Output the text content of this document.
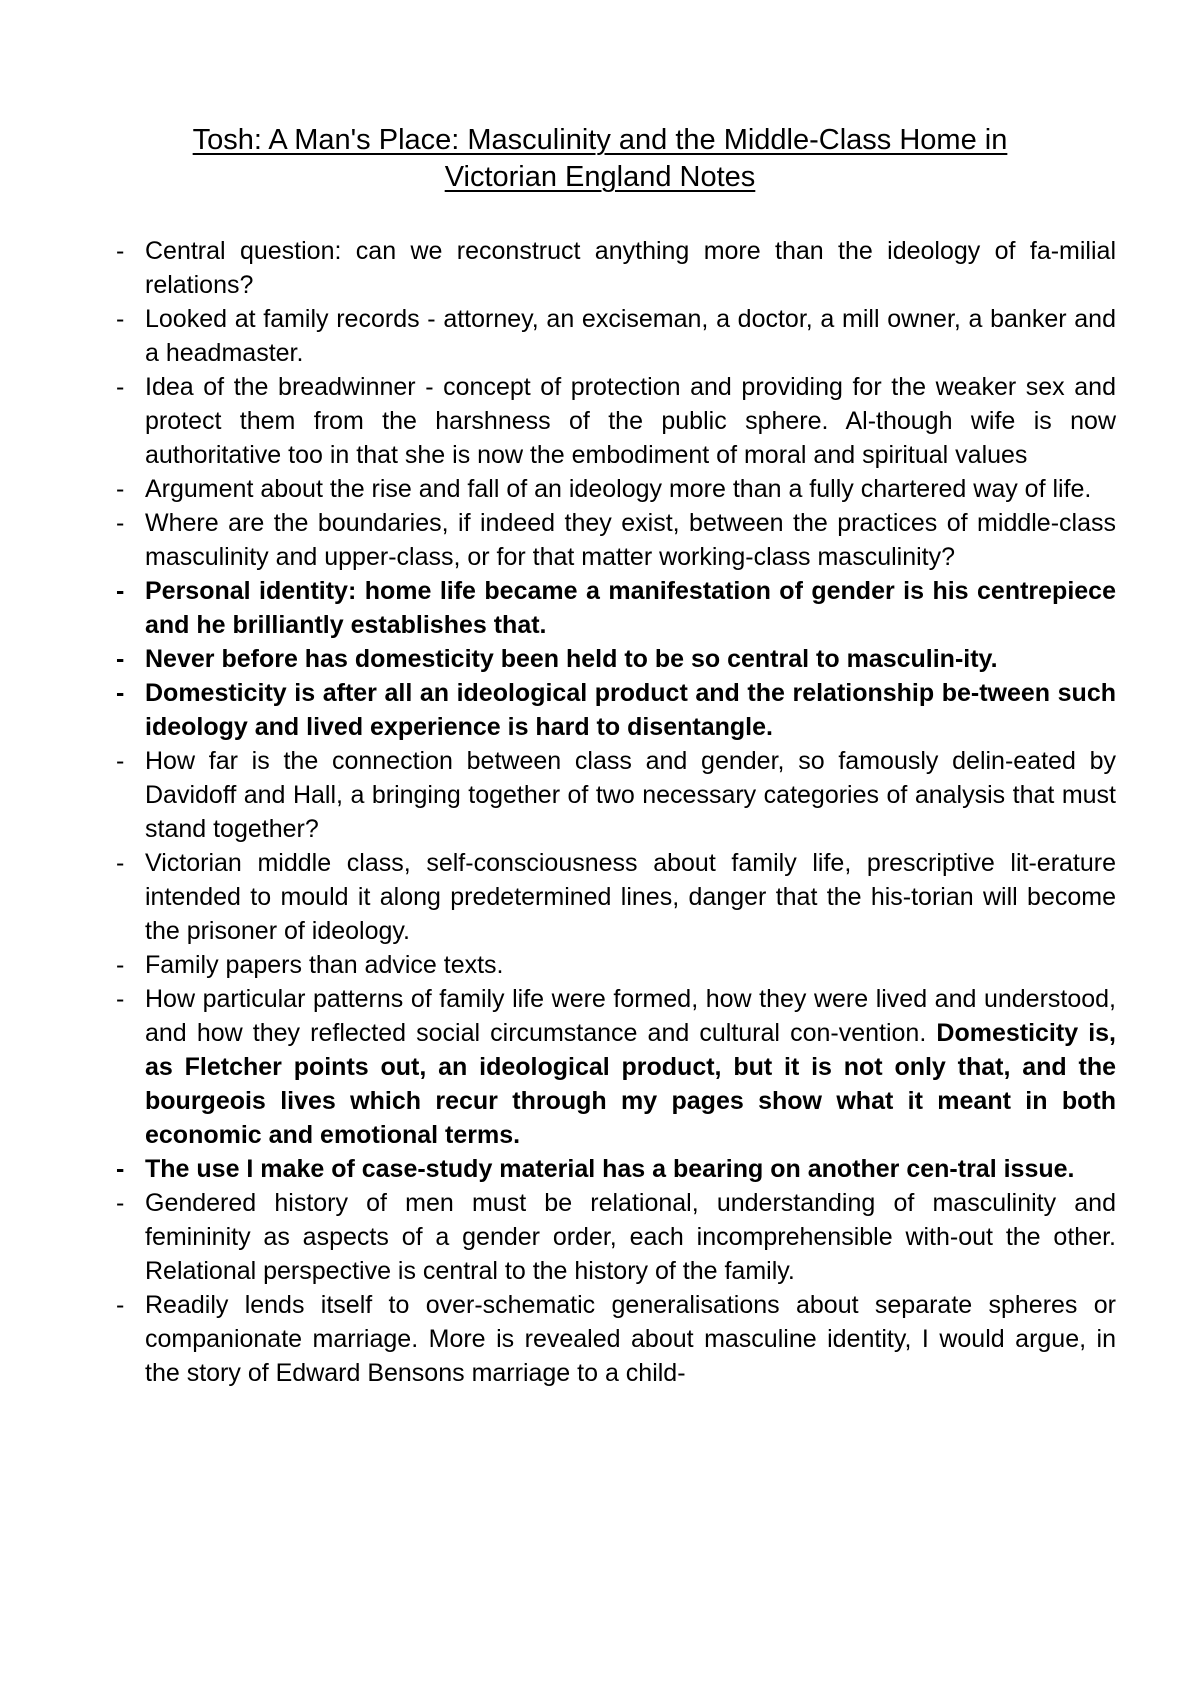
Tosh: A Man's Place: Masculinity and the Middle-Class Home in
Victorian England Notes
- Central question: can we reconstruct anything more than the ideology of fa-milial relations?
- Looked at family records - attorney, an exciseman, a doctor, a mill owner, a banker and a headmaster.
- Idea of the breadwinner - concept of protection and providing for the weaker sex and protect them from the harshness of the public sphere. Al-though wife is now authoritative too in that she is now the embodiment of moral and spiritual values
- Argument about the rise and fall of an ideology more than a fully chartered way of life.
- Where are the boundaries, if indeed they exist, between the practices of middle-class masculinity and upper-class, or for that matter working-class masculinity?
- Personal identity: home life became a manifestation of gender is his centrepiece and he brilliantly establishes that.
- Never before has domesticity been held to be so central to masculin-ity.
- Domesticity is after all an ideological product and the relationship be-tween such ideology and lived experience is hard to disentangle.
- How far is the connection between class and gender, so famously delin-eated by Davidoff and Hall, a bringing together of two necessary categories of analysis that must stand together?
- Victorian middle class, self-consciousness about family life, prescriptive lit-erature intended to mould it along predetermined lines, danger that the his-torian will become the prisoner of ideology.
- Family papers than advice texts.
- How particular patterns of family life were formed, how they were lived and understood, and how they reflected social circumstance and cultural con-vention. Domesticity is, as Fletcher points out, an ideological product, but it is not only that, and the bourgeois lives which recur through my pages show what it meant in both economic and emotional terms.
- The use I make of case-study material has a bearing on another cen-tral issue.
- Gendered history of men must be relational, understanding of masculinity and femininity as aspects of a gender order, each incomprehensible with-out the other. Relational perspective is central to the history of the family.
- Readily lends itself to over-schematic generalisations about separate spheres or companionate marriage. More is revealed about masculine identity, I would argue, in the story of Edward Bensons marriage to a child-
